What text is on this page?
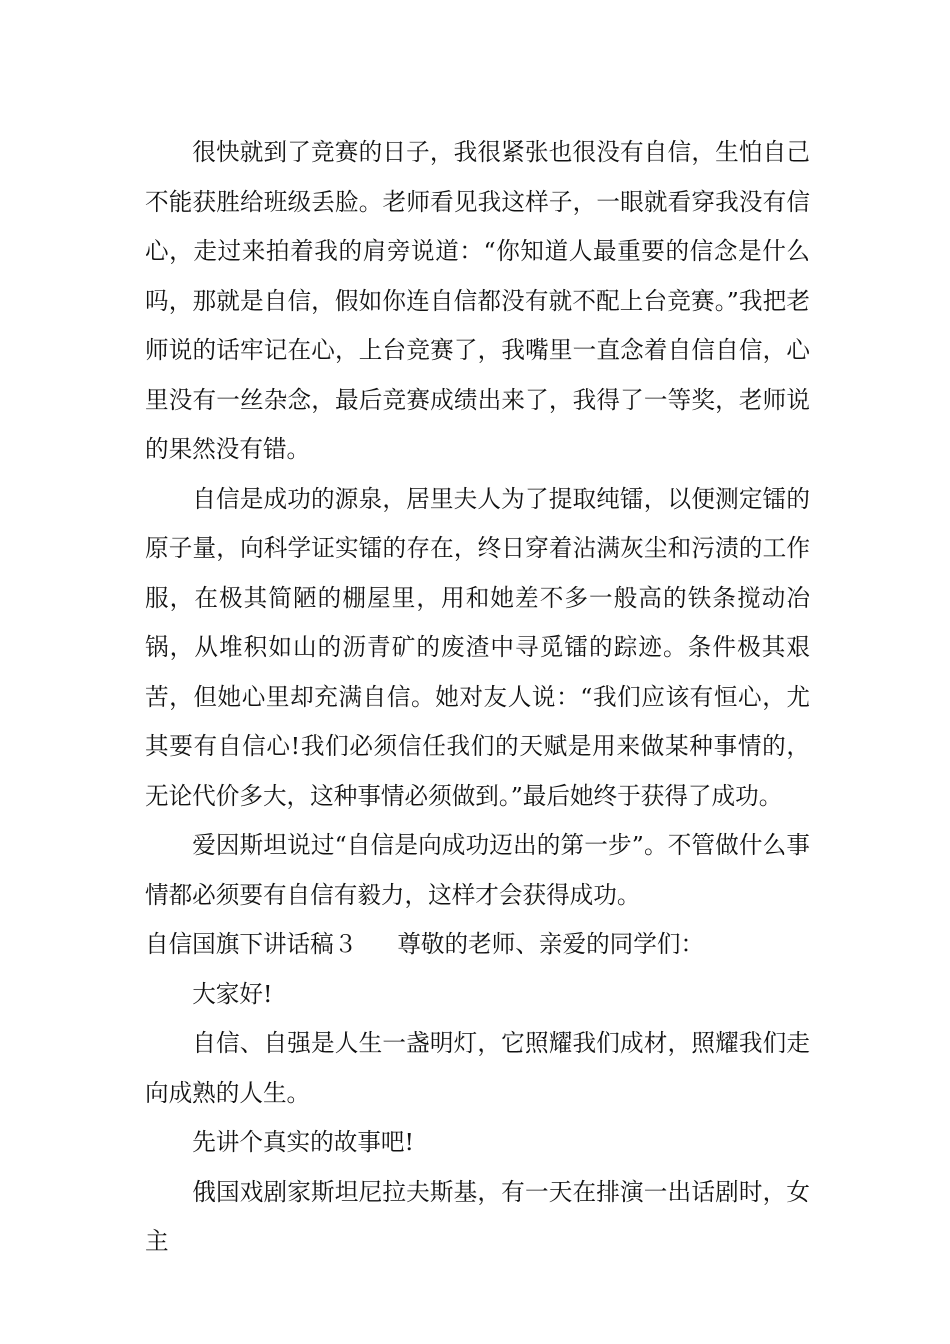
很快就到了竞赛的日子，我很紧张也很没有自信，生怕自己不能获胜给班级丢脸。老师看见我这样子，一眼就看穿我没有信心，走过来拍着我的肩旁说道：“你知道人最重要的信念是什么吗，那就是自信，假如你连自信都没有就不配上台竞赛。”我把老师说的话牢记在心，上台竞赛了，我嘴里一直念着自信自信，心里没有一丝杂念，最后竞赛成绩出来了，我得了一等奖，老师说的果然没有错。

自信是成功的源泉，居里夫人为了提取纯镭，以便测定镭的原子量，向科学证实镭的存在，终日穿着沾满灰尘和污渍的工作服，在极其简陋的棚屋里，用和她差不多一般高的铁条搅动冶锅，从堆积如山的沥青矿的废渣中寻觅镭的踪迹。条件极其艰苦，但她心里却充满自信。她对友人说：“我们应该有恒心，尤其要有自信心!我们必须信任我们的天赋是用来做某种事情的，无论代价多大，这种事情必须做到。”最后她终于获得了成功。

爱因斯坦说过“自信是向成功迈出的第一步”。不管做什么事情都必须要有自信有毅力，这样才会获得成功。

自信国旗下讲话稿３ 尊敬的老师、亲爱的同学们：

大家好!

自信、自强是人生一盏明灯，它照耀我们成材，照耀我们走向成熟的人生。

先讲个真实的故事吧!

俄国戏剧家斯坦尼拉夫斯基，有一天在排演一出话剧时，女主
